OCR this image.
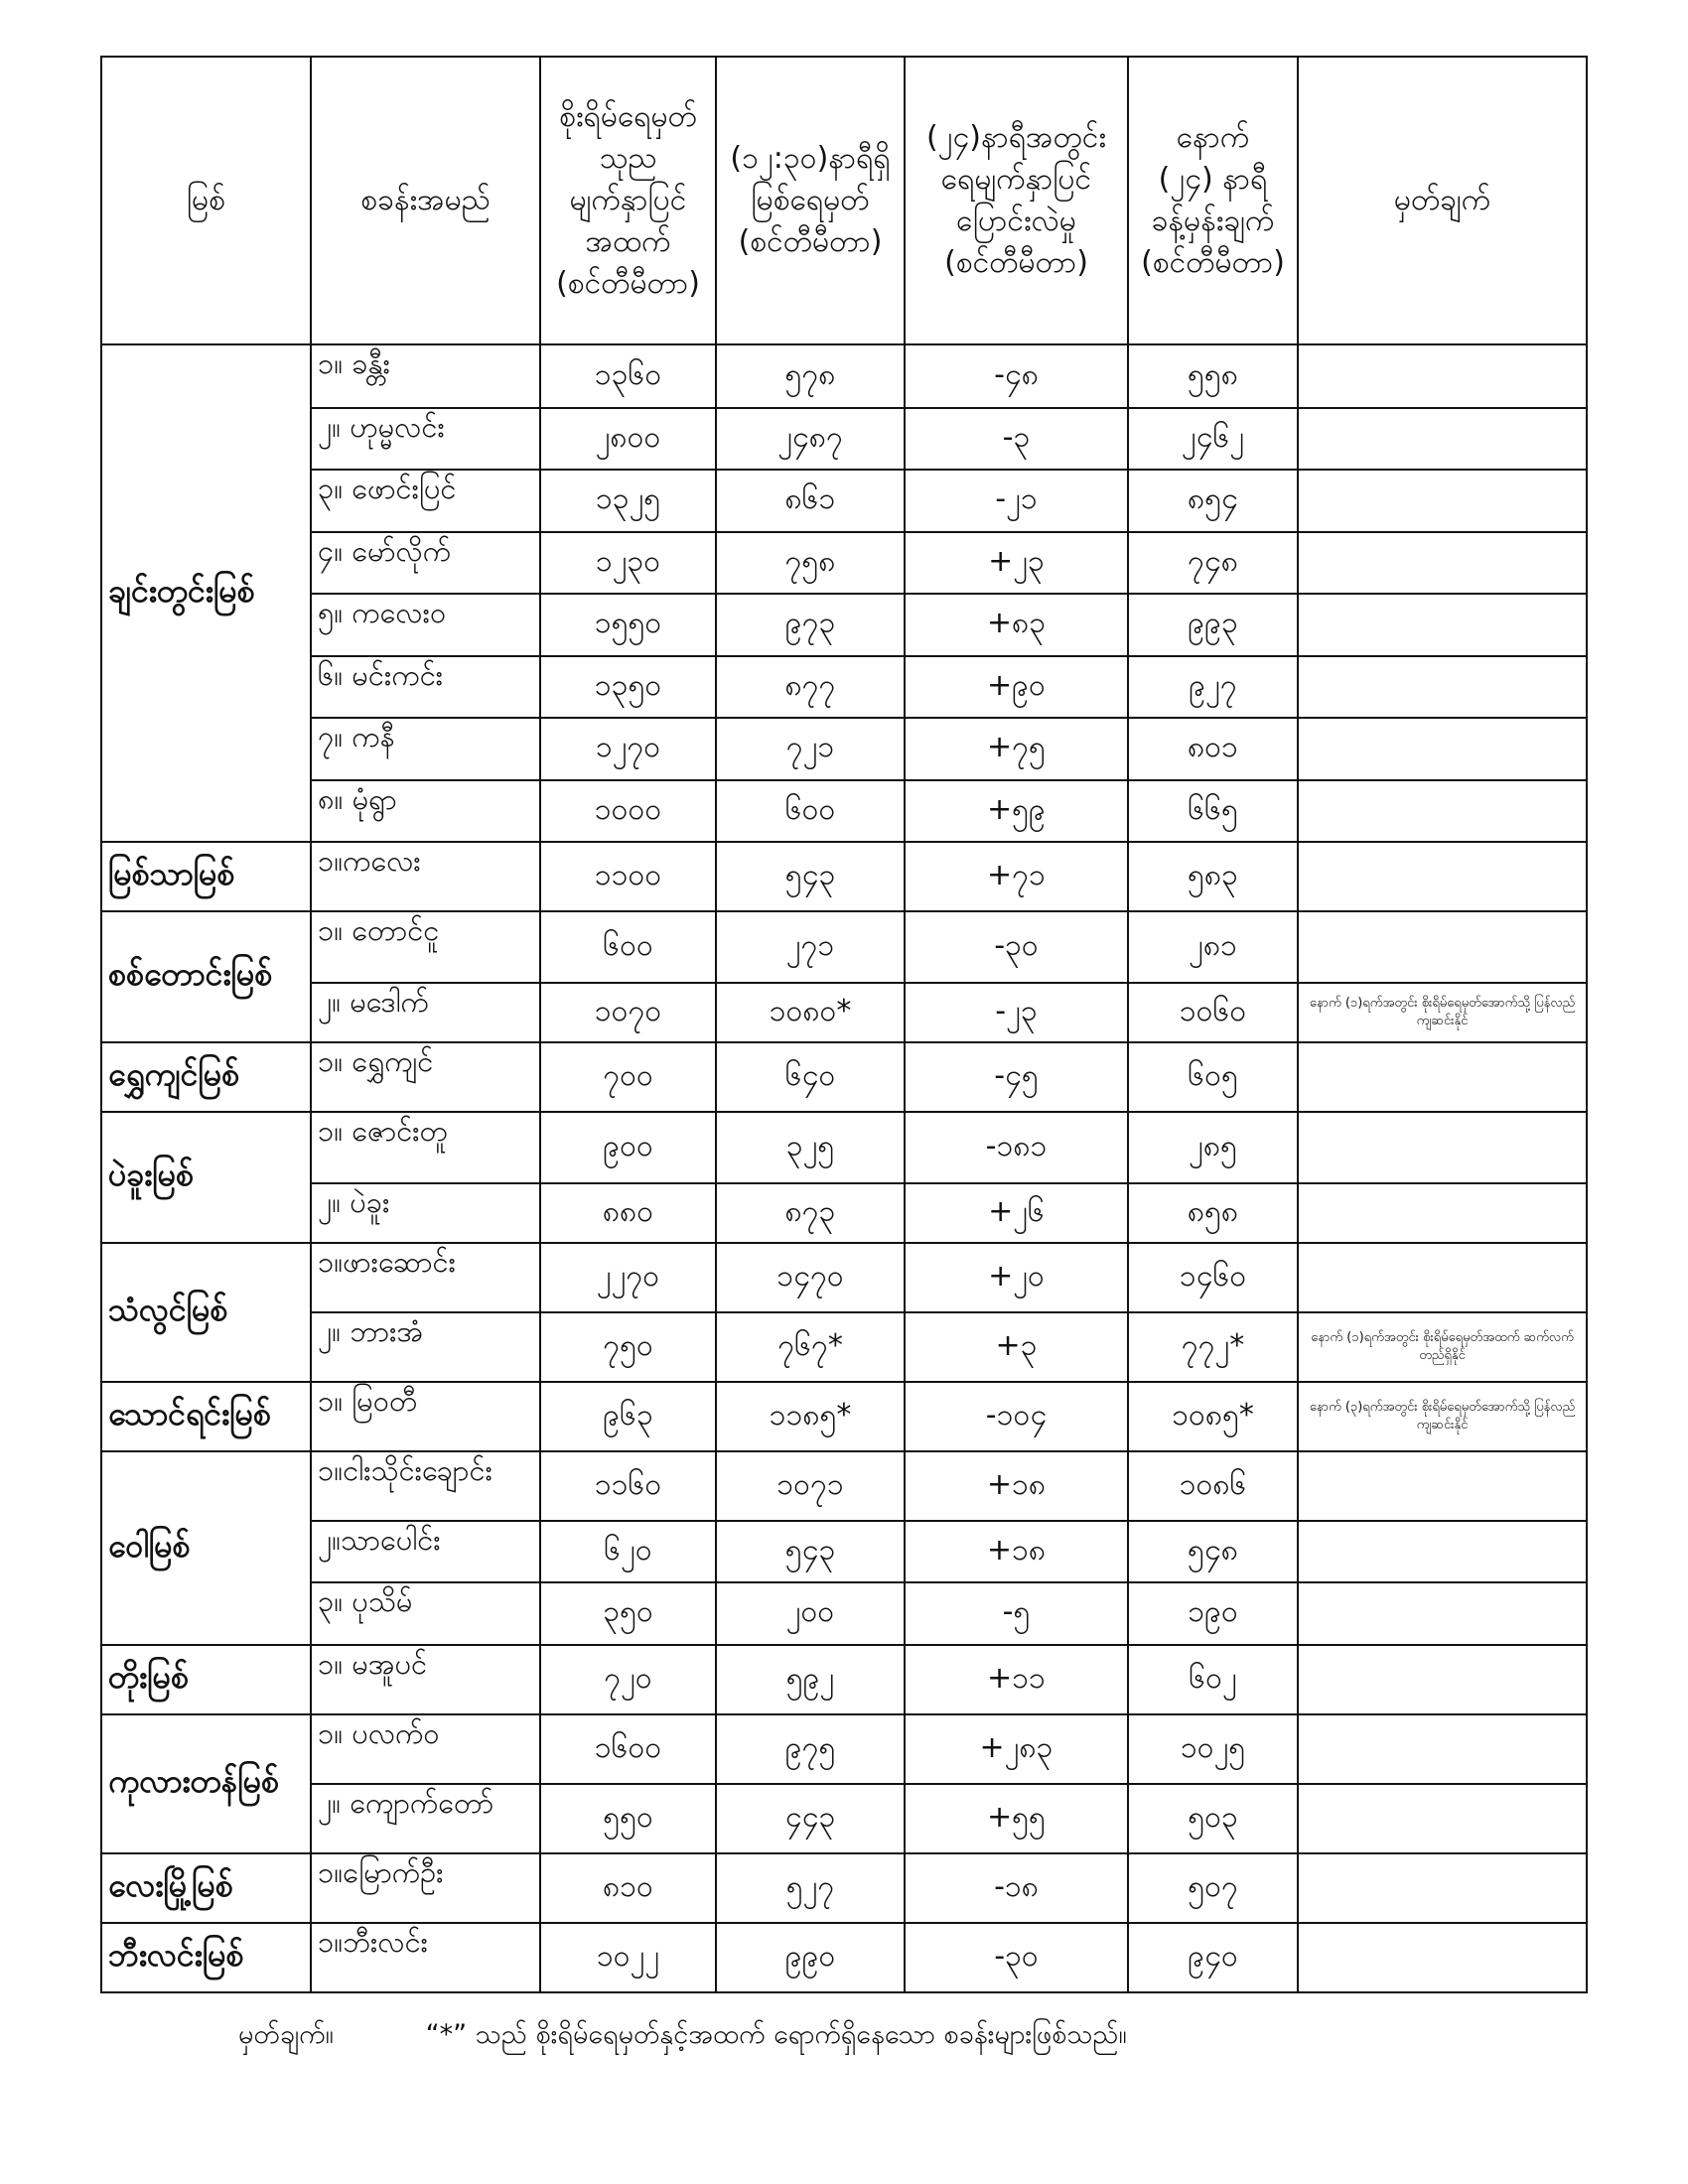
မြစ်	စခန်းအမည်	စိုးရိမ်ရေမှတ်
သုည
မျက်နှာပြင်
အထက်
(စင်တီမီတာ)	(၁၂:၃၀)နာရီရှိ
မြစ်ရေမှတ်
(စင်တီမီတာ)	(၂၄)နာရီအတွင်း
ရေမျက်နှာပြင်
ပြောင်းလဲမှု
(စင်တီမီတာ)	နောက်
(၂၄) နာရီ
ခန့်မှန်းချက်
(စင်တီမီတာ)	မှတ်ချက်
ချင်းတွင်းမြစ်	၁။ ခန္တီး	၁၃၆၀	၅၇၈	-၄၈	၅၅၈	
	၂။ ဟုမ္မလင်း	၂၈၀၀	၂၄၈၇	-၃	၂၄၆၂	
	၃။ ဖောင်းပြင်	၁၃၂၅	၈၆၁	-၂၁	၈၅၄	
	၄။ မော်လိုက်	၁၂၃၀	၇၅၈	+၂၃	၇၄၈	
	၅။ ကလေးဝ	၁၅၅၀	၉၇၃	+၈၃	၉၉၃	
	၆။ မင်းကင်း	၁၃၅၀	၈၇၇	+၉၀	၉၂၇	
	၇။ ကနီ	၁၂၇၀	၇၂၁	+၇၅	၈၀၁	
	၈။ မုံရွာ	၁၀၀၀	၆၀၀	+၅၉	၆၆၅	
မြစ်သာမြစ်	၁။ကလေး	၁၁၀၀	၅၄၃	+၇၁	၅၈၃	
စစ်တောင်းမြစ်	၁။ တောင်ငူ	၆၀၀	၂၇၁	-၃၀	၂၈၁	
	၂။ မဒေါက်	၁၀၇၀	၁၀၈၀*	-၂၃	၁၀၆၀	နောက် (၁)ရက်အတွင်း စိုးရိမ်ရေမှတ်အောက်သို့ ပြန်လည်ကျဆင်းနိုင်
ရွှေကျင်မြစ်	၁။ ရွှေကျင်	၇၀၀	၆၄၀	-၄၅	၆၀၅	
ပဲခူးမြစ်	၁။ ဇောင်းတူ	၉၀၀	၃၂၅	-၁၈၁	၂၈၅	
	၂။ ပဲခူး	၈၈၀	၈၇၃	+၂၆	၈၅၈	
သံလွင်မြစ်	၁။ဖားဆောင်း	၂၂၇၀	၁၄၇၀	+၂၀	၁၄၆၀	
	၂။ ဘားအံ	၇၅၀	၇၆၇*	+၃	၇၇၂*	နောက် (၁)ရက်အတွင်း စိုးရိမ်ရေမှတ်အထက် ဆက်လက်တည်ရှိနိုင်
သောင်ရင်းမြစ်	၁။ မြဝတီ	၉၆၃	၁၁၈၅*	-၁၀၄	၁၀၈၅*	နောက် (၃)ရက်အတွင်း စိုးရိမ်ရေမှတ်အောက်သို့ ပြန်လည်ကျဆင်းနိုင်
ဝေါမြစ်	၁။ငါးသိုင်းချောင်း	၁၁၆၀	၁၀၇၁	+၁၈	၁၀၈၆	
	၂။သာပေါင်း	၆၂၀	၅၄၃	+၁၈	၅၄၈	
	၃။ ပုသိမ်	၃၅၀	၂၀၀	-၅	၁၉၀	
တိုးမြစ်	၁။ မအူပင်	၇၂၀	၅၉၂	+၁၁	၆၀၂	
ကုလားတန်မြစ်	၁။ ပလက်ဝ	၁၆၀၀	၉၇၅	+၂၈၃	၁၀၂၅	
	၂။ ကျောက်တော်	၅၅၀	၄၄၃	+၅၅	၅၀၃	
လေးမြို့မြစ်	၁။မြောက်ဦး	၈၁၀	၅၂၇	-၁၈	၅၀၇	
ဘီးလင်းမြစ်	၁။ဘီးလင်း	၁၀၂၂	၉၉၀	-၃၀	၉၄၀	
မှတ်ချက်။	“*” သည် စိုးရိမ်ရေမှတ်နှင့်အထက် ရောက်ရှိနေသော စခန်းများဖြစ်သည်။
